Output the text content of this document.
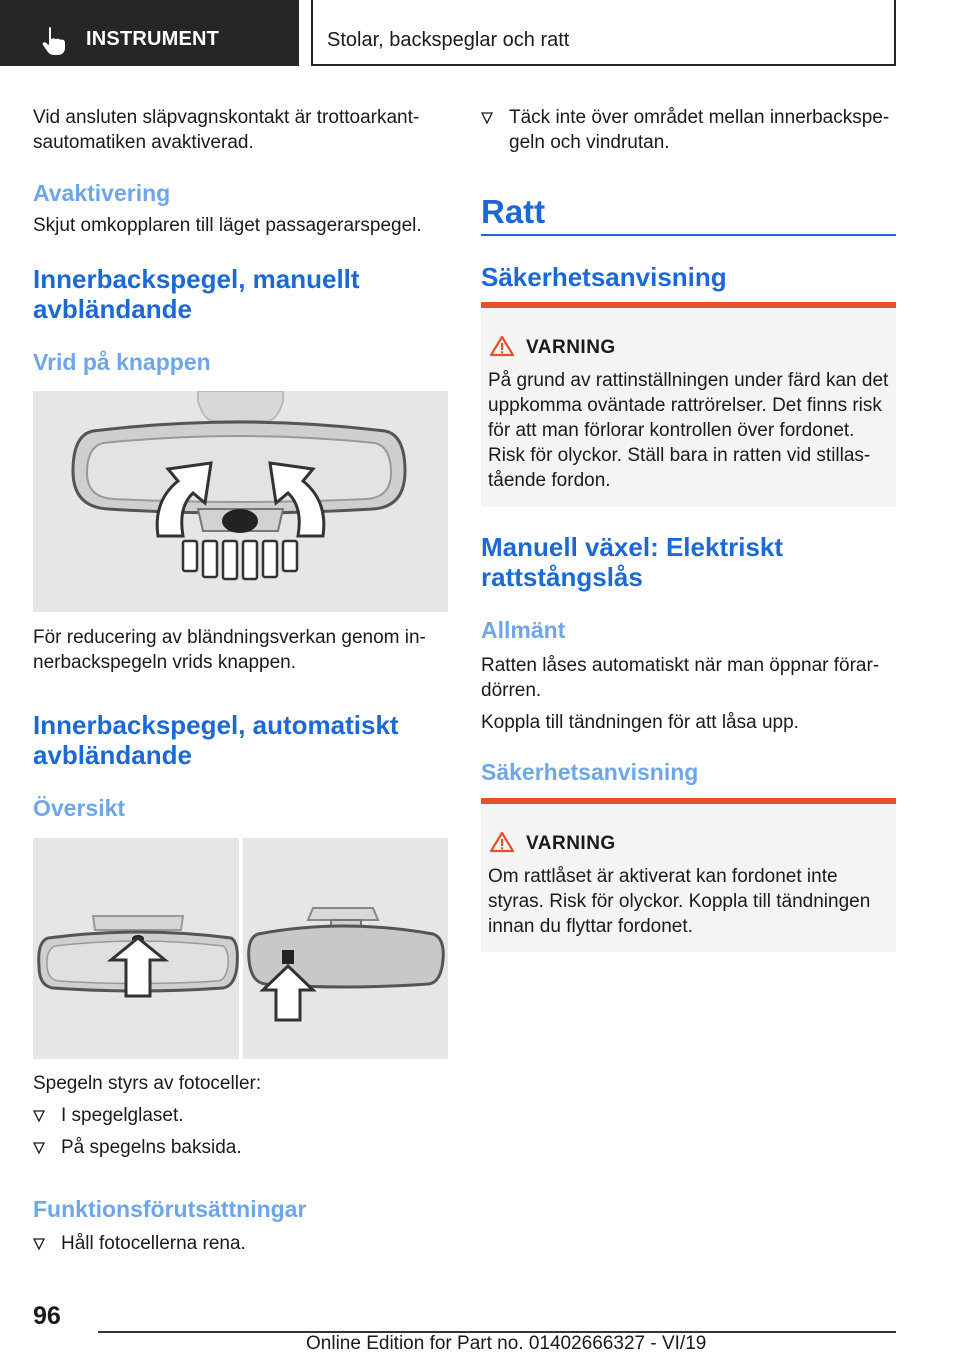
INSTRUMENT	Stolar, backspeglar och ratt
Vid ansluten släpvagnskontakt är trottoarkant‐
sautomatiken avaktiverad.
Avaktivering
Skjut omkopplaren till läget passagerarspegel.
Innerbackspegel, manuellt
avbländande
Vrid på knappen
För reducering av bländningsverkan genom in‐
nerbackspegeln vrids knappen.
Innerbackspegel, automatiskt
avbländande
Översikt
Spegeln styrs av fotoceller:
I spegelglaset.
På spegelns baksida.
Funktionsförutsättningar
Håll fotocellerna rena.
Täck inte över området mellan innerbackspe‐
geln och vindrutan.
Ratt
Säkerhetsanvisning
VARNING
På grund av rattinställningen under färd kan det
uppkomma oväntade rattrörelser. Det finns risk
för att man förlorar kontrollen över fordonet.
Risk för olyckor. Ställ bara in ratten vid stillas‐
tående fordon.
Manuell växel: Elektriskt
rattstångslås
Allmänt
Ratten låses automatiskt när man öppnar förar‐
dörren.
Koppla till tändningen för att låsa upp.
Säkerhetsanvisning
VARNING
Om rattlåset är aktiverat kan fordonet inte
styras. Risk för olyckor. Koppla till tändningen
innan du flyttar fordonet.
96
Online Edition for Part no. 01402666327 - VI/19
